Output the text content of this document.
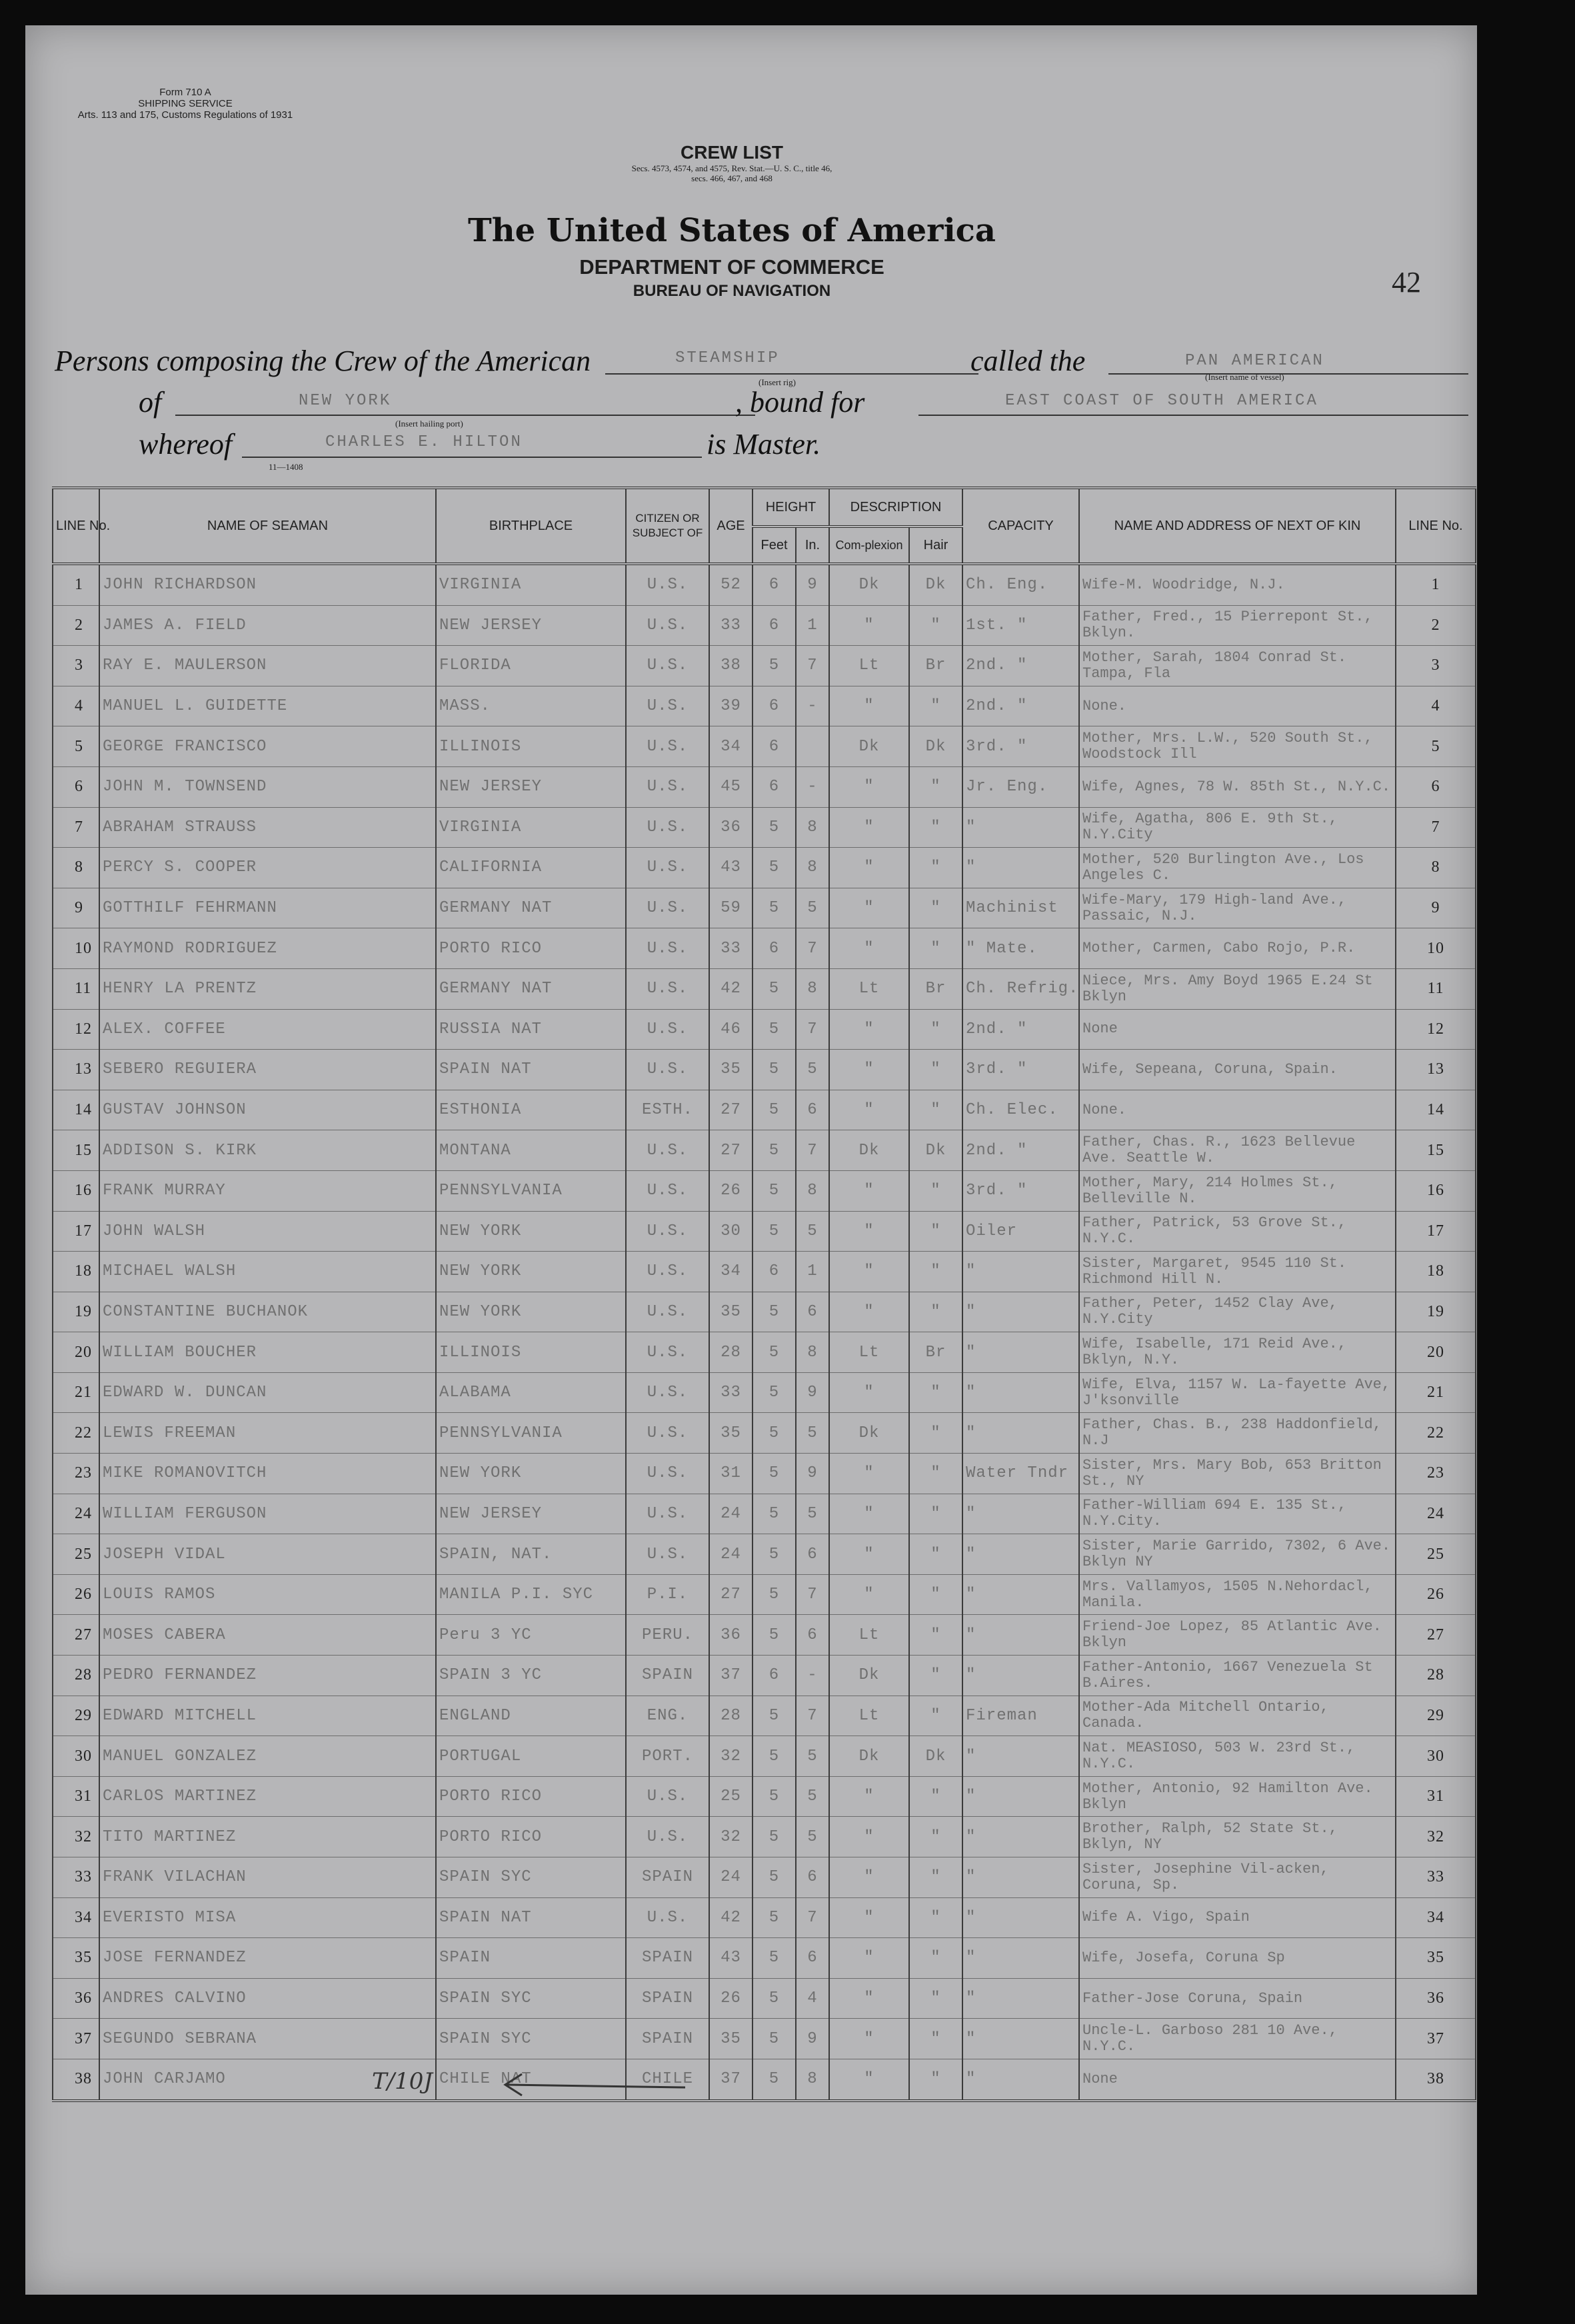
Form 710 A
SHIPPING SERVICE
Arts. 113 and 175, Customs Regulations of 1931
CREW LIST
Secs. 4573, 4574, and 4575, Rev. Stat.—U. S. C., title 46,
secs. 466, 467, and 468
The United States of America
DEPARTMENT OF COMMERCE
BUREAU OF NAVIGATION	42
Persons composing the Crew of the American	STEAMSHIP
(Insert rig)
called the	PAN AMERICAN
(Insert name of vessel)
of	NEW YORK
(Insert hailing port)
, bound for	EAST COAST OF SOUTH AMERICA
whereof	CHARLES E. HILTON
11—1408
is Master.
LINE No.	NAME OF SEAMAN	BIRTHPLACE	CITIZEN OR SUBJECT OF	AGE	HEIGHT		DESCRIPTION		CAPACITY	NAME AND ADDRESS OF NEXT OF KIN	LINE No.
					Feet	In.	Com-plexion	Hair			
1	JOHN RICHARDSON	VIRGINIA	U.S.	52	6	9	Dk	Dk	Ch. Eng.	Wife-M. Woodridge, N.J.	1
2	JAMES A. FIELD	NEW JERSEY	U.S.	33	6	1	"	"	1st. "	Father, Fred., 15 Pierrepont St., Bklyn.	2
3	RAY E. MAULERSON	FLORIDA	U.S.	38	5	7	Lt	Br	2nd. "	Mother, Sarah, 1804 Conrad St. Tampa, Fla	3
4	MANUEL L. GUIDETTE	MASS.	U.S.	39	6	-	"	"	2nd. "	None.	4
5	GEORGE FRANCISCO	ILLINOIS	U.S.	34	6		Dk	Dk	3rd. "	Mother, Mrs. L.W., 520 South St., Woodstock Ill	5
6	JOHN M. TOWNSEND	NEW JERSEY	U.S.	45	6	-	"	"	Jr. Eng.	Wife, Agnes, 78 W. 85th St., N.Y.C.	6
7	ABRAHAM STRAUSS	VIRGINIA	U.S.	36	5	8	"	"	"	Wife, Agatha, 806 E. 9th St., N.Y.City	7
8	PERCY S. COOPER	CALIFORNIA	U.S.	43	5	8	"	"	"	Mother, 520 Burlington Ave., Los Angeles C.	8
9	GOTTHILF FEHRMANN	GERMANY NAT	U.S.	59	5	5	"	"	Machinist	Wife-Mary, 179 High-land Ave., Passaic, N.J.	9
10	RAYMOND RODRIGUEZ	PORTO RICO	U.S.	33	6	7	"	"	" Mate.	Mother, Carmen, Cabo Rojo, P.R.	10
11	HENRY LA PRENTZ	GERMANY NAT	U.S.	42	5	8	Lt	Br	Ch. Refrig.	Niece, Mrs. Amy Boyd 1965 E.24 St Bklyn	11
12	ALEX. COFFEE	RUSSIA NAT	U.S.	46	5	7	"	"	2nd. "	None	12
13	SEBERO REGUIERA	SPAIN NAT	U.S.	35	5	5	"	"	3rd. "	Wife, Sepeana, Coruna, Spain.	13
14	GUSTAV JOHNSON	ESTHONIA	ESTH.	27	5	6	"	"	Ch. Elec.	None.	14
15	ADDISON S. KIRK	MONTANA	U.S.	27	5	7	Dk	Dk	2nd. "	Father, Chas. R., 1623 Bellevue Ave. Seattle W.	15
16	FRANK MURRAY	PENNSYLVANIA	U.S.	26	5	8	"	"	3rd. "	Mother, Mary, 214 Holmes St., Belleville N.	16
17	JOHN WALSH	NEW YORK	U.S.	30	5	5	"	"	Oiler	Father, Patrick, 53 Grove St., N.Y.C.	17
18	MICHAEL WALSH	NEW YORK	U.S.	34	6	1	"	"	"	Sister, Margaret, 9545 110 St. Richmond Hill N.	18
19	CONSTANTINE BUCHANOK	NEW YORK	U.S.	35	5	6	"	"	"	Father, Peter, 1452 Clay Ave, N.Y.City	19
20	WILLIAM BOUCHER	ILLINOIS	U.S.	28	5	8	Lt	Br	"	Wife, Isabelle, 171 Reid Ave., Bklyn, N.Y.	20
21	EDWARD W. DUNCAN	ALABAMA	U.S.	33	5	9	"	"	"	Wife, Elva, 1157 W. La-fayette Ave, J'ksonville	21
22	LEWIS FREEMAN	PENNSYLVANIA	U.S.	35	5	5	Dk	"	"	Father, Chas. B., 238 Haddonfield, N.J	22
23	MIKE ROMANOVITCH	NEW YORK	U.S.	31	5	9	"	"	Water Tndr	Sister, Mrs. Mary Bob, 653 Britton St., NY	23
24	WILLIAM FERGUSON	NEW JERSEY	U.S.	24	5	5	"	"	"	Father-William 694 E. 135 St., N.Y.City.	24
25	JOSEPH VIDAL	SPAIN, NAT.	U.S.	24	5	6	"	"	"	Sister, Marie Garrido, 7302, 6 Ave. Bklyn NY	25
26	LOUIS RAMOS	MANILA P.I. SYC	P.I.	27	5	7	"	"	"	Mrs. Vallamyos, 1505 N.Nehordacl, Manila.	26
27	MOSES CABERA	Peru 3 YC	PERU.	36	5	6	Lt	"	"	Friend-Joe Lopez, 85 Atlantic Ave. Bklyn	27
28	PEDRO FERNANDEZ	SPAIN 3 YC	SPAIN	37	6	-	Dk	"	"	Father-Antonio, 1667 Venezuela St B.Aires.	28
29	EDWARD MITCHELL	ENGLAND	ENG.	28	5	7	Lt	"	Fireman	Mother-Ada Mitchell Ontario, Canada.	29
30	MANUEL GONZALEZ	PORTUGAL	PORT.	32	5	5	Dk	Dk	"	Nat. MEASIOSO, 503 W. 23rd St., N.Y.C.	30
31	CARLOS MARTINEZ	PORTO RICO	U.S.	25	5	5	"	"	"	Mother, Antonio, 92 Hamilton Ave. Bklyn	31
32	TITO MARTINEZ	PORTO RICO	U.S.	32	5	5	"	"	"	Brother, Ralph, 52 State St., Bklyn, NY	32
33	FRANK VILACHAN	SPAIN SYC	SPAIN	24	5	6	"	"	"	Sister, Josephine Vil-acken, Coruna, Sp.	33
34	EVERISTO MISA	SPAIN NAT	U.S.	42	5	7	"	"	"	Wife A. Vigo, Spain	34
35	JOSE FERNANDEZ	SPAIN	SPAIN	43	5	6	"	"	"	Wife, Josefa, Coruna Sp	35
36	ANDRES CALVINO	SPAIN SYC	SPAIN	26	5	4	"	"	"	Father-Jose Coruna, Spain	36
37	SEGUNDO SEBRANA	SPAIN SYC	SPAIN	35	5	9	"	"	"	Uncle-L. Garboso 281 10 Ave., N.Y.C.	37
38	JOHN CARJAMO	CHILE NAT	CHILE	37	5	8	"	"	"	None	38
T/10J
